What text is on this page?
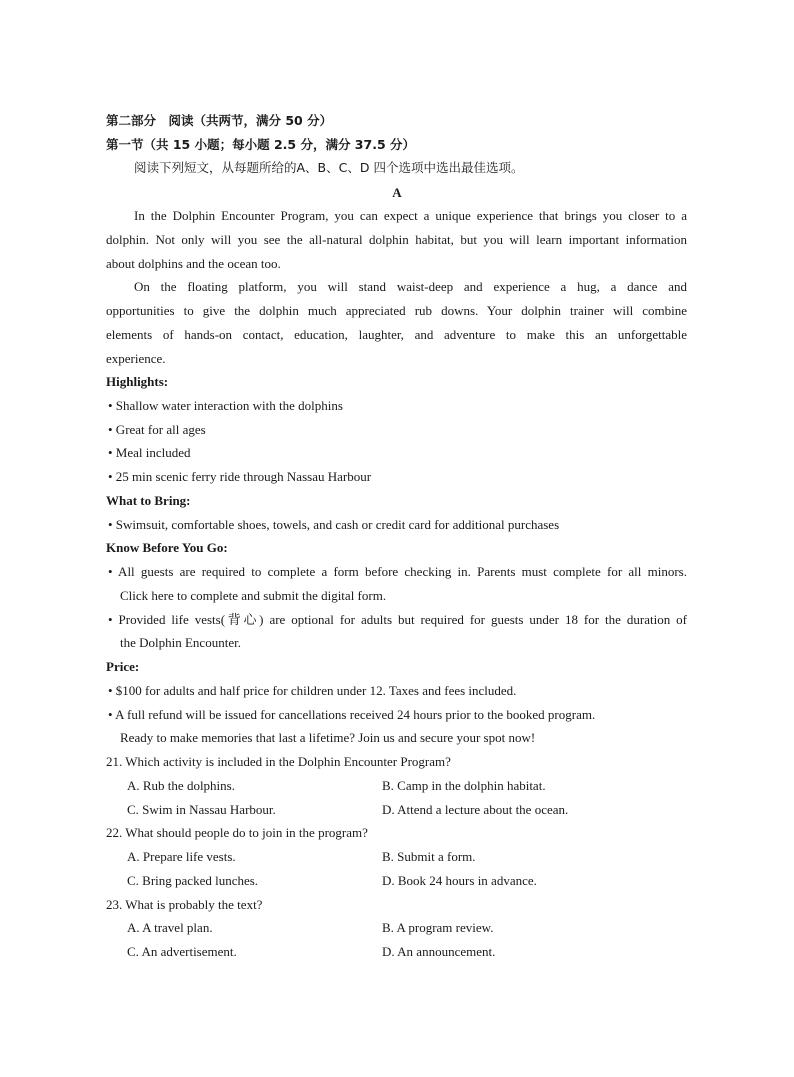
第二部分　阅读（共两节，满分 50 分）
第一节（共 15 小题；每小题 2.5 分，满分 37.5 分）
阅读下列短文，从每题所给的A、B、C、D 四个选项中选出最佳选项。
A
In the Dolphin Encounter Program, you can expect a unique experience that brings you closer to a
dolphin. Not only will you see the all-natural dolphin habitat, but you will learn important information
about dolphins and the ocean too.
On the floating platform, you will stand waist-deep and experience a hug, a dance and
opportunities to give the dolphin much appreciated rub downs. Your dolphin trainer will combine
elements of hands-on contact, education, laughter, and adventure to make this an unforgettable
experience.
Highlights:
• Shallow water interaction with the dolphins
• Great for all ages
• Meal included
• 25 min scenic ferry ride through Nassau Harbour
What to Bring:
• Swimsuit, comfortable shoes, towels, and cash or credit card for additional purchases
Know Before You Go:
• All guests are required to complete a form before checking in. Parents must complete for all minors.
Click here to complete and submit the digital form.
• Provided life vests(背心) are optional for adults but required for guests under 18 for the duration of
the Dolphin Encounter.
Price:
• $100 for adults and half price for children under 12. Taxes and fees included.
• A full refund will be issued for cancellations received 24 hours prior to the booked program.
Ready to make memories that last a lifetime? Join us and secure your spot now!
21. Which activity is included in the Dolphin Encounter Program?
A. Rub the dolphins.	B. Camp in the dolphin habitat.
C. Swim in Nassau Harbour.	D. Attend a lecture about the ocean.
22. What should people do to join in the program?
A. Prepare life vests.	B. Submit a form.
C. Bring packed lunches.	D. Book 24 hours in advance.
23. What is probably the text?
A. A travel plan.	B. A program review.
C. An advertisement.	D. An announcement.
